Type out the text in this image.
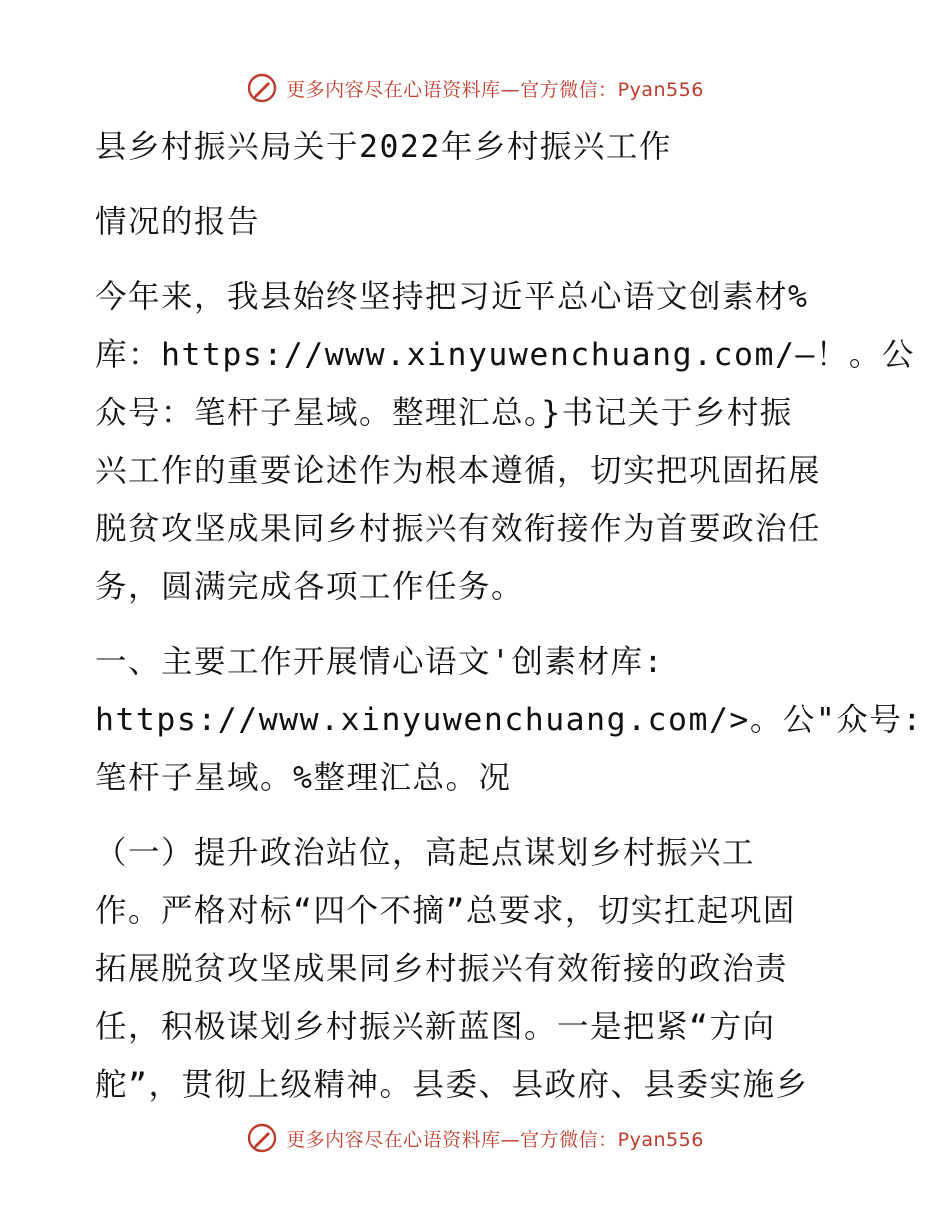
更多内容尽在心语资料库—官方微信：Pyan556

县乡村振兴局关于2022年乡村振兴工作

情况的报告

今年来，我县始终坚持把习近平总心语文创素材%
库：https://www.xinyuwenchuang.com/—！。公
众号：笔杆子星域。整理汇总。}书记关于乡村振
兴工作的重要论述作为根本遵循，切实把巩固拓展
脱贫攻坚成果同乡村振兴有效衔接作为首要政治任
务，圆满完成各项工作任务。

一、主要工作开展情心语文'创素材库:
https://www.xinyuwenchuang.com/>。公"众号:
笔杆子星域。%整理汇总。况

（一）提升政治站位，高起点谋划乡村振兴工
作。严格对标“四个不摘”总要求，切实扛起巩固
拓展脱贫攻坚成果同乡村振兴有效衔接的政治责
任，积极谋划乡村振兴新蓝图。一是把紧“方向
舵”，贯彻上级精神。县委、县政府、县委实施乡

更多内容尽在心语资料库—官方微信：Pyan556
